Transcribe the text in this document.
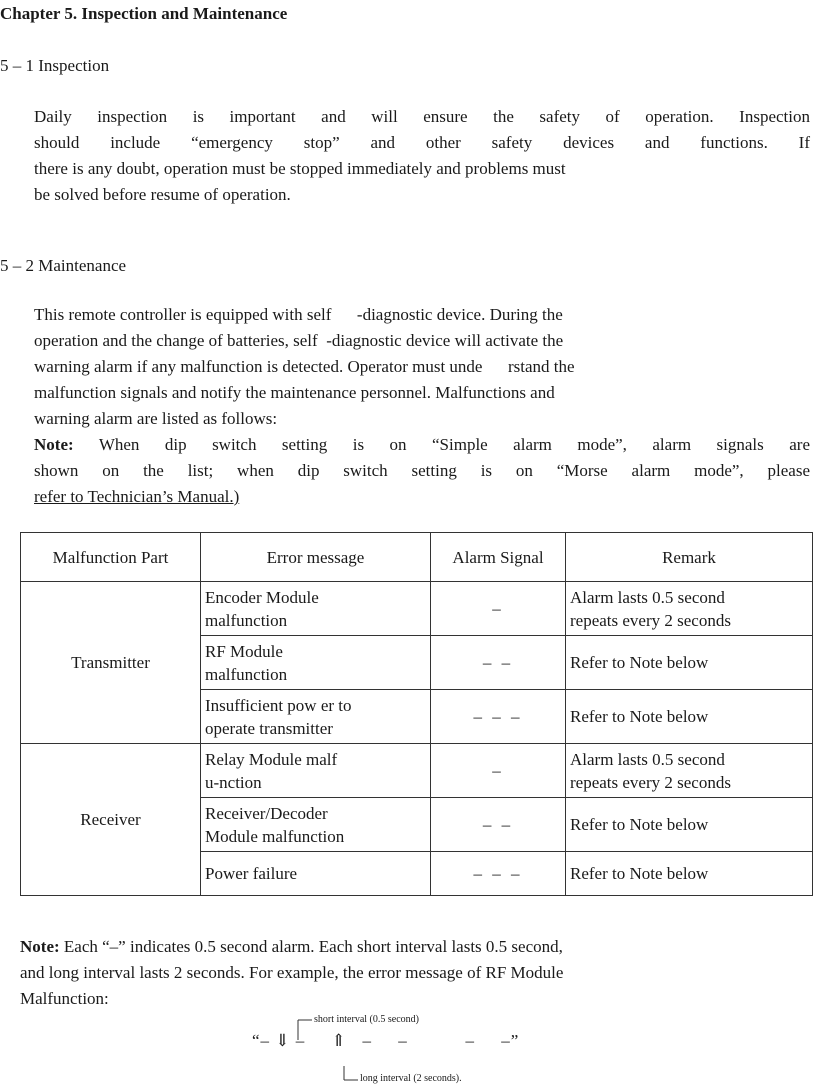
Chapter 5. Inspection and Maintenance
5 – 1 Inspection
Daily inspection is important and will ensure the safety of operation. Inspection
should include “emergency stop” and other safety devices and functions. If
there is any doubt, operation must be stopped immediately and problems must
be solved before resume of operation.
5 – 2 Maintenance
This remote controller is equipped with self      -diagnostic device. During the
operation and the change of batteries, self  -diagnostic device will activate the
warning alarm if any malfunction is detected. Operator must unde      rstand the
malfunction signals and notify the maintenance personnel. Malfunctions and
warning alarm are listed as follows:
Note: When dip switch setting is on “Simple alarm mode”, alarm signals are
shown on the list; when dip switch setting is on “Morse alarm mode”, please
refer to Technician’s Manual.)
Malfunction Part	Error message	Alarm Signal	Remark
Transmitter	Encoder Module
malfunction	–	Alarm lasts 0.5 second
repeats every 2 seconds
	RF Module
malfunction	– –	Refer to Note below
	Insufficient pow er to
operate transmitter	– – –	Refer to Note below
Receiver	Relay Module malf
u-nction	–	Alarm lasts 0.5 second
repeats every 2 seconds
	Receiver/Decoder
Module malfunction	– –	Refer to Note below
	Power failure	– – –	Refer to Note below
Note: Each “–” indicates 0.5 second alarm. Each short interval lasts 0.5 second,
and long interval lasts 2 seconds. For example, the error message of RF Module
Malfunction:
short interval (0.5 second)
“– ⇓ –     ⇑   –     –           –     –”
long interval (2 seconds).
